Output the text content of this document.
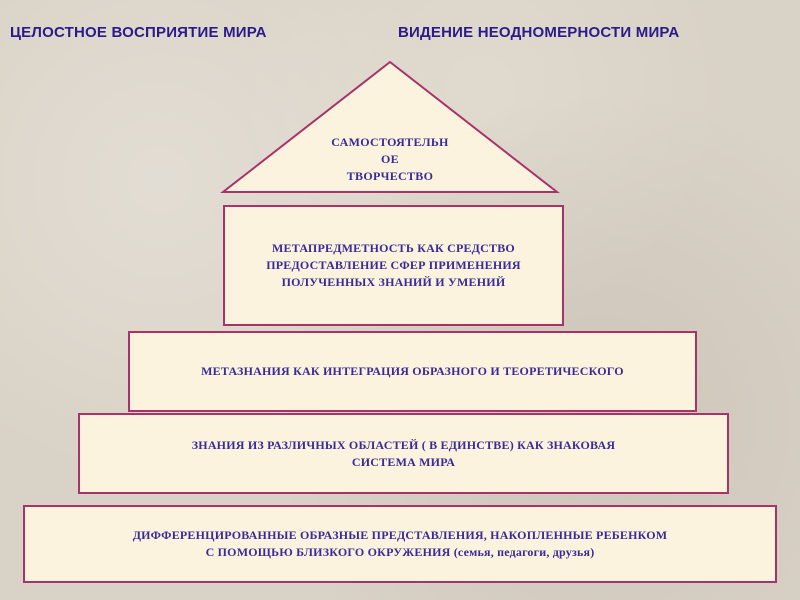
ЦЕЛОСТНОЕ ВОСПРИЯТИЕ МИРА	ВИДЕНИЕ НЕОДНОМЕРНОСТИ МИРА
САМОСТОЯТЕЛЬН
ОЕ
ТВОРЧЕСТВО
МЕТАПРЕДМЕТНОСТЬ КАК СРЕДСТВО
ПРЕДОСТАВЛЕНИЕ СФЕР ПРИМЕНЕНИЯ
ПОЛУЧЕННЫХ ЗНАНИЙ И УМЕНИЙ
МЕТАЗНАНИЯ КАК ИНТЕГРАЦИЯ ОБРАЗНОГО И ТЕОРЕТИЧЕСКОГО
ЗНАНИЯ ИЗ РАЗЛИЧНЫХ ОБЛАСТЕЙ ( В ЕДИНСТВЕ) КАК ЗНАКОВАЯ
СИСТЕМА МИРА
ДИФФЕРЕНЦИРОВАННЫЕ ОБРАЗНЫЕ ПРЕДСТАВЛЕНИЯ, НАКОПЛЕННЫЕ РЕБЕНКОМ
С ПОМОЩЬЮ БЛИЗКОГО ОКРУЖЕНИЯ (семья, педагоги, друзья)
